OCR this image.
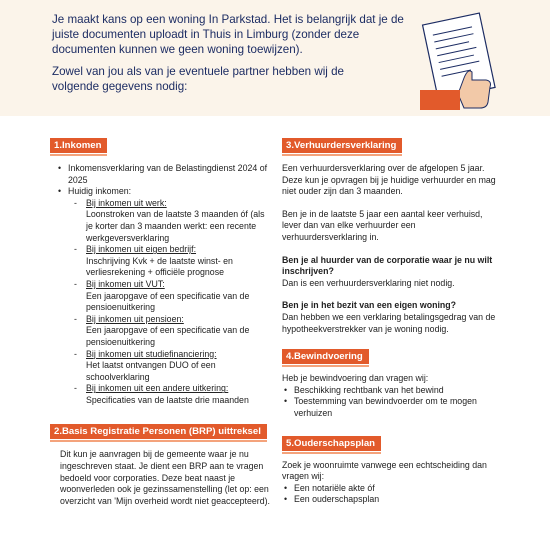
Je maakt kans op een woning In Parkstad. Het is belangrijk dat je de juiste documenten uploadt in Thuis in Limburg (zonder deze documenten kunnen we geen woning toewijzen).

Zowel van jou als van je eventuele partner hebben wij de volgende gegevens nodig:

1.Inkomen
• Inkomensverklaring van de Belastingdienst 2024 of 2025
• Huidig inkomen:
- Bij inkomen uit werk:
Loonstroken van de laatste 3 maanden óf (als je korter dan 3 maanden werkt: een recente werkgeversverklaring
- Bij inkomen uit eigen bedrijf:
Inschrijving Kvk + de laatste winst- en verliesrekening + officiële prognose
- Bij inkomen uit VUT:
Een jaaropgave of een specificatie van de pensioenuitkering
- Bij inkomen uit pensioen:
Een jaaropgave of een specificatie van de pensioenuitkering
- Bij inkomen uit studiefinanciering:
Het laatst ontvangen DUO of een schoolverklaring
- Bij inkomen uit een andere uitkering:
Specificaties van de laatste drie maanden
2.Basis Registratie Personen (BRP) uittreksel

Dit kun je aanvragen bij de gemeente waar je nu ingeschreven staat. Je dient een BRP aan te vragen bedoeld voor corporaties. Deze beat naast je woonverleden ook je gezinssamenstelling (let op: een overzicht van 'Mijn overheid wordt niet geaccepteerd).

3.Verhuurdersverklaring

Een verhuurdersverklaring over de afgelopen 5 jaar. Deze kun je opvragen bij je huidige verhuurder en mag niet ouder zijn dan 3 maanden.

Ben je in de laatste 5 jaar een aantal keer verhuisd, lever dan van elke verhuurder een verhuurdersverklaring in.

Ben je al huurder van de corporatie waar je nu wilt inschrijven?

Dan is een verhuurdersverklaring niet nodig.

Ben je in het bezit van een eigen woning?

Dan hebben we een verklaring betalingsgedrag van de hypotheekverstrekker van je woning nodig.

4.Bewindvoering

Heb je bewindvoering dan vragen wij:

• Beschikking rechtbank van het bewind
• Toestemming van bewindvoerder om te mogen verhuizen
5.Ouderschapsplan

Zoek je woonruimte vanwege een echtscheiding dan vragen wij:

• Een notariële akte óf
• Een ouderschapsplan
